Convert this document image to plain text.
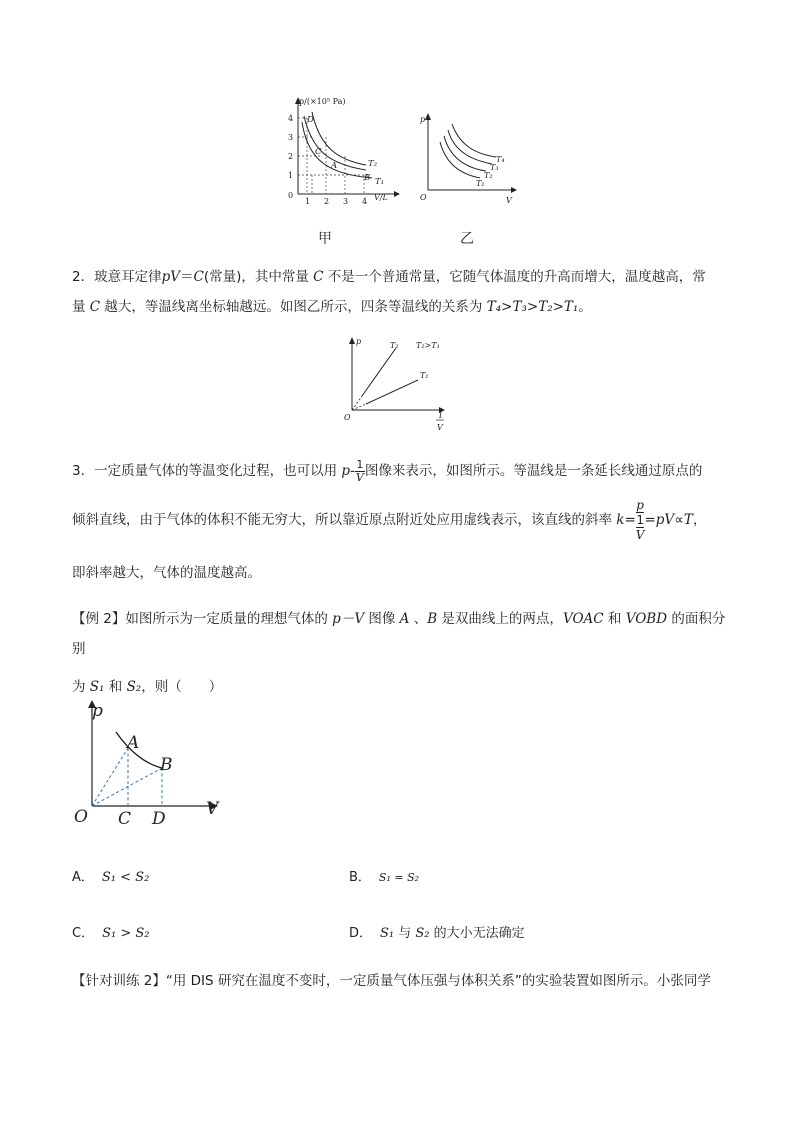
p/(×10⁵ Pa)
V/L
4
3
2
1
0
1 2 3 4
D
C
A
B
T₂
T₁
甲
p
V
O
T₄
T₃
T₂
T₁
乙
2．玻意耳定律pV＝C(常量)，其中常量 C 不是一个普通常量，它随气体温度的升高而增大，温度越高，常
量 C 越大，等温线离坐标轴越远。如图乙所示，四条等温线的关系为 T₄>T₃>T₂>T₁。
p
O
T₂
T₁
T₂>T₁
1
V
3．一定质量气体的等温变化过程，也可以用 $p- \frac{1}{V}$ 图像来表示，如图所示。等温线是一条延长线通过原点的
倾斜直线，由于气体的体积不能无穷大，所以靠近原点附近处应用虚线表示，该直线的斜率 k=
p
1
V
=pV∝T，
即斜率越大，气体的温度越高。
【例 2】如图所示为一定质量的理想气体的 p－V 图像 A 、B 是双曲线上的两点，VOAC 和 VOBD 的面积分别
为 S₁ 和 S₂，则（　　）
p
V
O
A
B
C D
A． S₁ < S₂	B． S₁ = S₂
C． S₁ > S₂	D． S₁ 与 S₂ 的大小无法确定
【针对训练 2】“用 DIS 研究在温度不变时，一定质量气体压强与体积关系”的实验装置如图所示。小张同学
